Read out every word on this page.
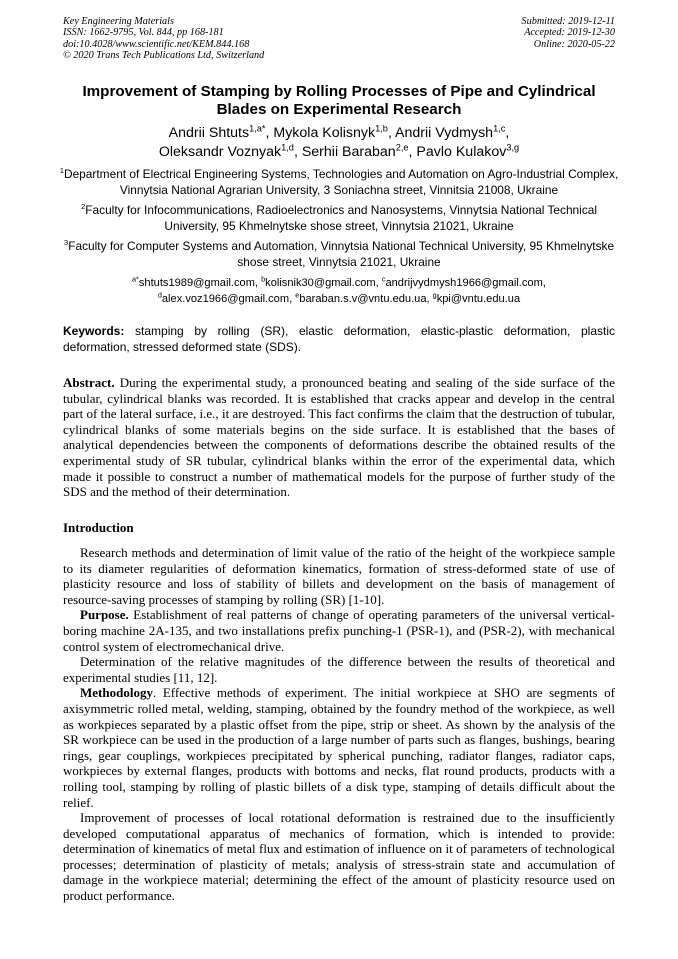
Key Engineering Materials
ISSN: 1662-9795, Vol. 844, pp 168-181
doi:10.4028/www.scientific.net/KEM.844.168
© 2020 Trans Tech Publications Ltd, Switzerland
Submitted: 2019-12-11
Accepted: 2019-12-30
Online: 2020-05-22
Improvement of Stamping by Rolling Processes of Pipe and Cylindrical Blades on Experimental Research
Andrii Shtuts$^{1,a*}$, Mykola Kolisnyk$^{1,b}$, Andrii Vydmysh$^{1,c}$,
Oleksandr Voznyak$^{1,d}$, Serhii Baraban$^{2,e}$, Pavlo Kulakov$^{3,g}$
$^1$Department of Electrical Engineering Systems, Technologies and Automation on Agro-Industrial Complex, Vinnytsia National Agrarian University, 3 Soniachna street, Vinnitsia 21008, Ukraine
$^2$Faculty for Infocommunications, Radioelectronics and Nanosystems, Vinnytsia National Technical University, 95 Khmelnytske shose street, Vinnytsia 21021, Ukraine
$^3$Faculty for Computer Systems and Automation, Vinnytsia National Technical University, 95 Khmelnytske shose street, Vinnytsia 21021, Ukraine
$^{a*}$shtuts1989@gmail.com, $^b$kolisnik30@gmail.com, $^c$andrijvydmysh1966@gmail.com,
$^d$alex.voz1966@gmail.com, $^e$baraban.s.v@vntu.edu.ua, $^g$kpi@vntu.edu.ua
Keywords: stamping by rolling (SR), elastic deformation, elastic-plastic deformation, plastic deformation, stressed deformed state (SDS).
Abstract. During the experimental study, a pronounced beating and sealing of the side surface of the tubular, cylindrical blanks was recorded. It is established that cracks appear and develop in the central part of the lateral surface, i.e., it are destroyed. This fact confirms the claim that the destruction of tubular, cylindrical blanks of some materials begins on the side surface. It is established that the bases of analytical dependencies between the components of deformations describe the obtained results of the experimental study of SR tubular, cylindrical blanks within the error of the experimental data, which made it possible to construct a number of mathematical models for the purpose of further study of the SDS and the method of their determination.
Introduction

Research methods and determination of limit value of the ratio of the height of the workpiece sample to its diameter regularities of deformation kinematics, formation of stress-deformed state of use of plasticity resource and loss of stability of billets and development on the basis of management of resource-saving processes of stamping by rolling (SR) [1-10].

Purpose. Establishment of real patterns of change of operating parameters of the universal vertical-boring machine 2A-135, and two installations prefix punching-1 (PSR-1), and (PSR-2), with mechanical control system of electromechanical drive.

Determination of the relative magnitudes of the difference between the results of theoretical and experimental studies [11, 12].

Methodology. Effective methods of experiment. The initial workpiece at SHO are segments of axisymmetric rolled metal, welding, stamping, obtained by the foundry method of the workpiece, as well as workpieces separated by a plastic offset from the pipe, strip or sheet. As shown by the analysis of the SR workpiece can be used in the production of a large number of parts such as flanges, bushings, bearing rings, gear couplings, workpieces precipitated by spherical punching, radiator flanges, radiator caps, workpieces by external flanges, products with bottoms and necks, flat round products, products with a rolling tool, stamping by rolling of plastic billets of a disk type, stamping of details difficult about the relief.

Improvement of processes of local rotational deformation is restrained due to the insufficiently developed computational apparatus of mechanics of formation, which is intended to provide: determination of kinematics of metal flux and estimation of influence on it of parameters of technological processes; determination of plasticity of metals; analysis of stress-strain state and accumulation of damage in the workpiece material; determining the effect of the amount of plasticity resource used on product performance.
